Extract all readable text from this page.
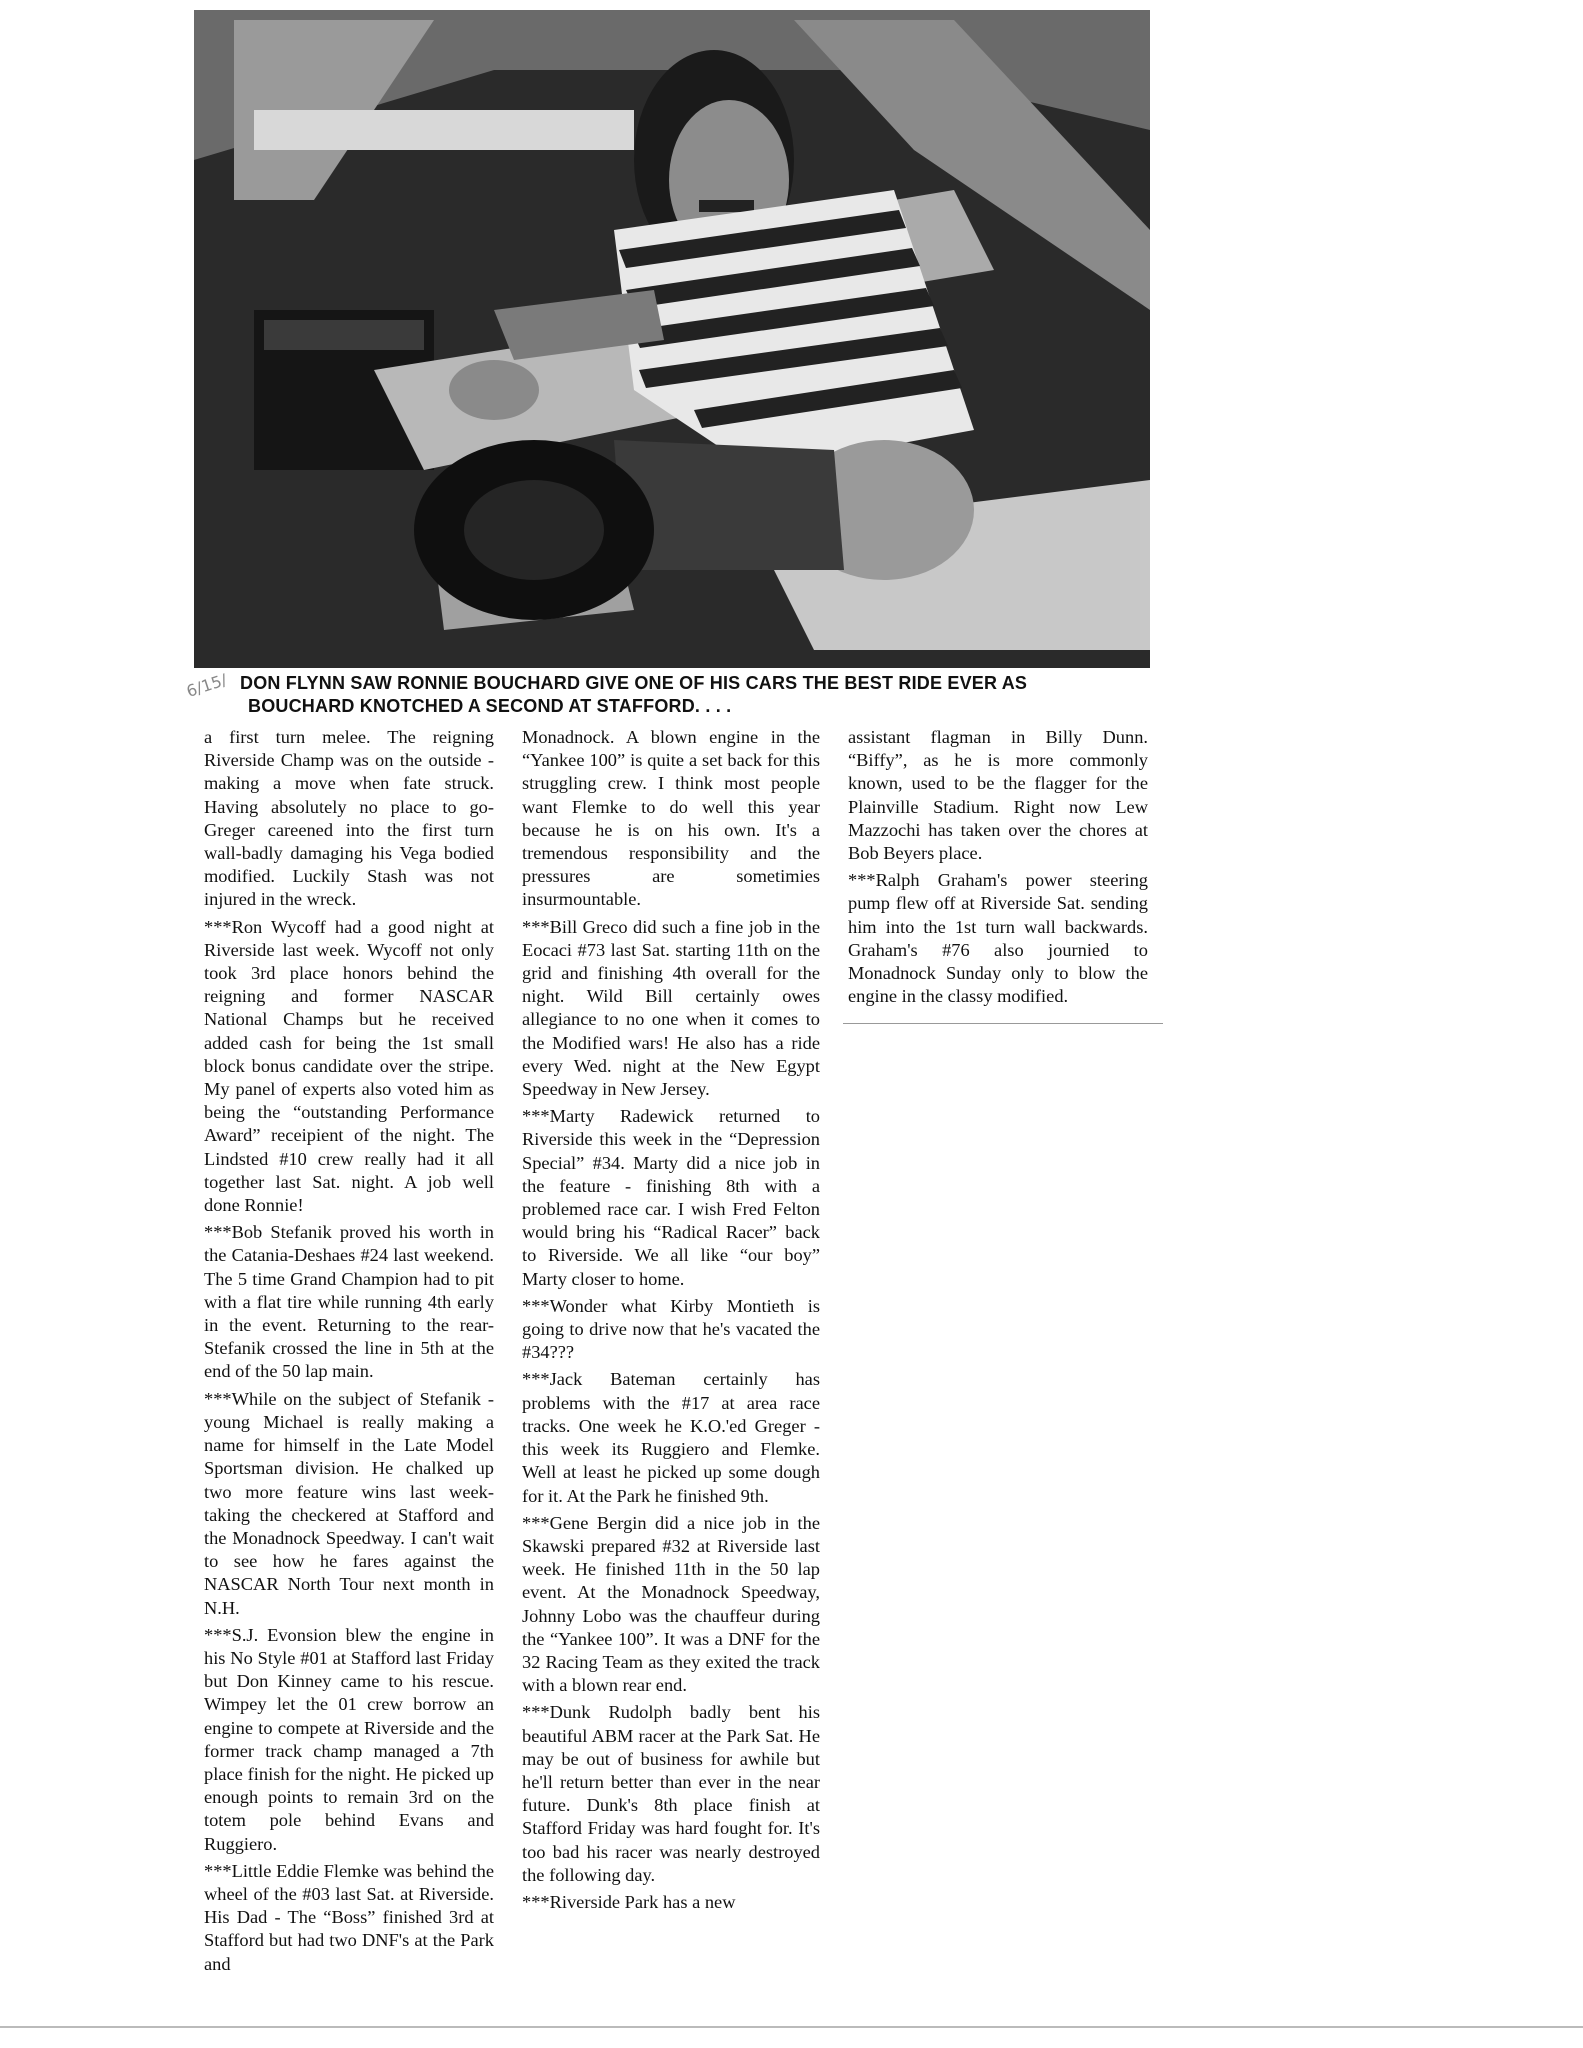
6/15/ DON FLYNN SAW RONNIE BOUCHARD GIVE ONE OF HIS CARS THE BEST RIDE EVER AS
BOUCHARD KNOTCHED A SECOND AT STAFFORD. . . .

a first turn melee. The reigning Riverside Champ was on the outside - making a move when fate struck. Having absolutely no place to go-Greger careened into the first turn wall-badly damaging his Vega bodied modified. Luckily Stash was not injured in the wreck.

***Ron Wycoff had a good night at Riverside last week. Wycoff not only took 3rd place honors behind the reigning and former NASCAR National Champs but he received added cash for being the 1st small block bonus candidate over the stripe. My panel of experts also voted him as being the “outstanding Performance Award” receipient of the night. The Lindsted #10 crew really had it all together last Sat. night. A job well done Ronnie!

***Bob Stefanik proved his worth in the Catania-Deshaes #24 last weekend. The 5 time Grand Champion had to pit with a flat tire while running 4th early in the event. Returning to the rear-Stefanik crossed the line in 5th at the end of the 50 lap main.

***While on the subject of Stefanik - young Michael is really making a name for himself in the Late Model Sportsman division. He chalked up two more feature wins last week-taking the checkered at Stafford and the Monadnock Speedway. I can't wait to see how he fares against the NASCAR North Tour next month in N.H.

***S.J. Evonsion blew the engine in his No Style #01 at Stafford last Friday but Don Kinney came to his rescue. Wimpey let the 01 crew borrow an engine to compete at Riverside and the former track champ managed a 7th place finish for the night. He picked up enough points to remain 3rd on the totem pole behind Evans and Ruggiero.

***Little Eddie Flemke was behind the wheel of the #03 last Sat. at Riverside. His Dad - The “Boss” finished 3rd at Stafford but had two DNF's at the Park and

Monadnock. A blown engine in the “Yankee 100” is quite a set back for this struggling crew. I think most people want Flemke to do well this year because he is on his own. It's a tremendous responsibility and the pressures are sometimies insurmountable.

***Bill Greco did such a fine job in the Eocaci #73 last Sat. starting 11th on the grid and finishing 4th overall for the night. Wild Bill certainly owes allegiance to no one when it comes to the Modified wars! He also has a ride every Wed. night at the New Egypt Speedway in New Jersey.

***Marty Radewick returned to Riverside this week in the “Depression Special” #34. Marty did a nice job in the feature - finishing 8th with a problemed race car. I wish Fred Felton would bring his “Radical Racer” back to Riverside. We all like “our boy” Marty closer to home.

***Wonder what Kirby Montieth is going to drive now that he's vacated the #34???

***Jack Bateman certainly has problems with the #17 at area race tracks. One week he K.O.'ed Greger - this week its Ruggiero and Flemke. Well at least he picked up some dough for it. At the Park he finished 9th.

***Gene Bergin did a nice job in the Skawski prepared #32 at Riverside last week. He finished 11th in the 50 lap event. At the Monadnock Speedway, Johnny Lobo was the chauffeur during the “Yankee 100”. It was a DNF for the 32 Racing Team as they exited the track with a blown rear end.

***Dunk Rudolph badly bent his beautiful ABM racer at the Park Sat. He may be out of business for awhile but he'll return better than ever in the near future. Dunk's 8th place finish at Stafford Friday was hard fought for. It's too bad his racer was nearly destroyed the following day.

***Riverside Park has a new

assistant flagman in Billy Dunn. “Biffy”, as he is more commonly known, used to be the flagger for the Plainville Stadium. Right now Lew Mazzochi has taken over the chores at Bob Beyers place.

***Ralph Graham's power steering pump flew off at Riverside Sat. sending him into the 1st turn wall backwards. Graham's #76 also journied to Monadnock Sunday only to blow the engine in the classy modified.
